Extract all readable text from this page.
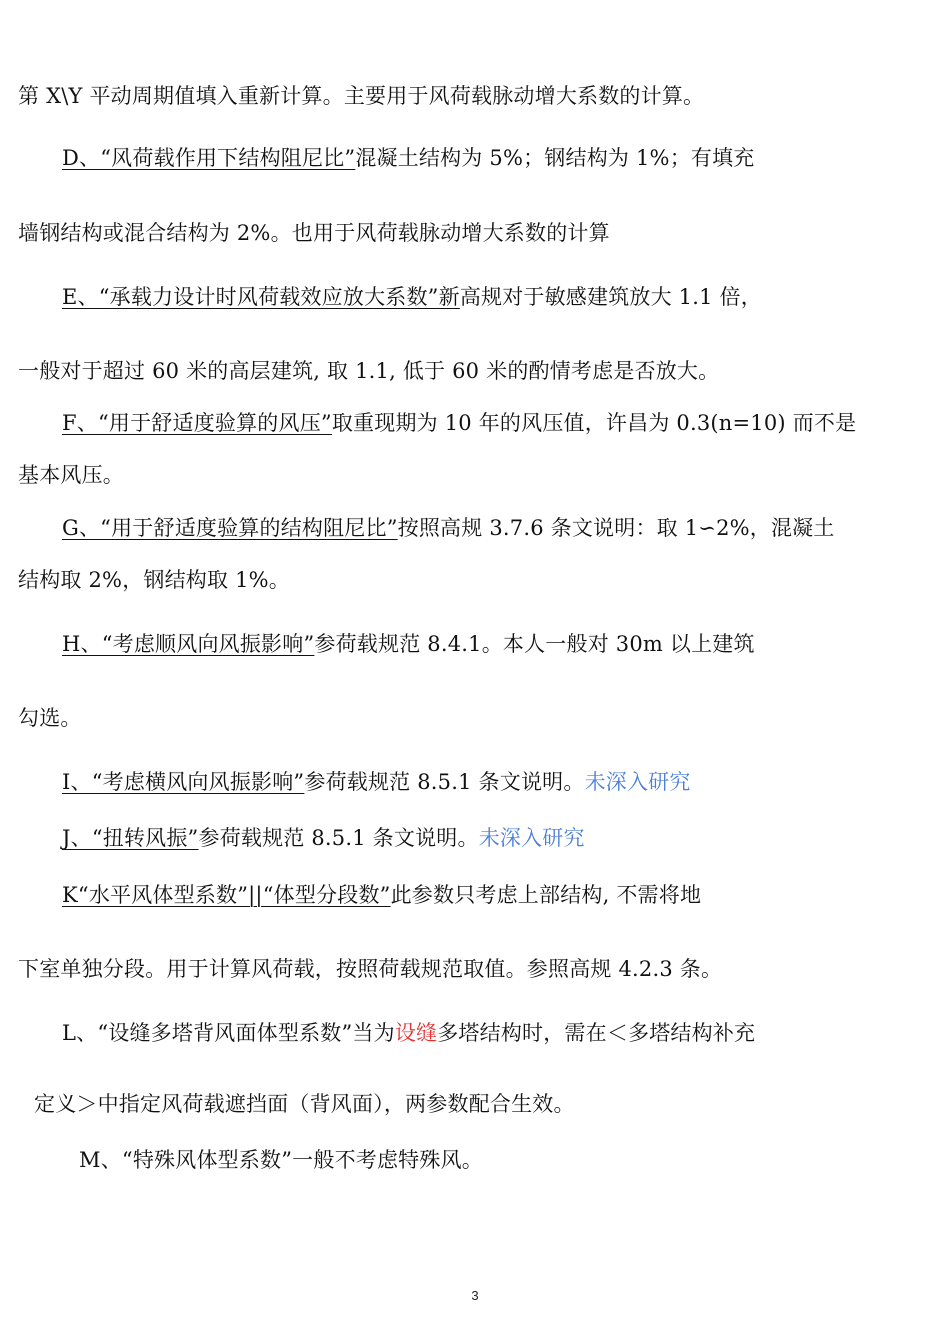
第 X\Y 平动周期值填入重新计算。主要用于风荷载脉动增大系数的计算。
D、“风荷载作用下结构阻尼比”混凝土结构为 5%；钢结构为 1%；有填充
墙钢结构或混合结构为 2%。也用于风荷载脉动增大系数的计算
E、“承载力设计时风荷载效应放大系数”新高规对于敏感建筑放大 1.1 倍，
一般对于超过 60 米的高层建筑, 取 1.1, 低于 60 米的酌情考虑是否放大。
F、“用于舒适度验算的风压”取重现期为 10 年的风压值，许昌为 0.3(n=10) 而不是
基本风压。
G、“用于舒适度验算的结构阻尼比”按照高规 3.7.6 条文说明：取 1∽2%，混凝土
结构取 2%，钢结构取 1%。
H、“考虑顺风向风振影响”参荷载规范 8.4.1。本人一般对 30m 以上建筑
勾选。
I、“考虑横风向风振影响”参荷载规范 8.5.1 条文说明。未深入研究
J、“扭转风振”参荷载规范 8.5.1 条文说明。未深入研究
K“水平风体型系数”||“体型分段数”此参数只考虑上部结构, 不需将地
下室单独分段。用于计算风荷载，按照荷载规范取值。参照高规 4.2.3 条。
L、“设缝多塔背风面体型系数”当为设缝多塔结构时，需在＜多塔结构补充
定义＞中指定风荷载遮挡面（背风面），两参数配合生效。
M、“特殊风体型系数”一般不考虑特殊风。
3
